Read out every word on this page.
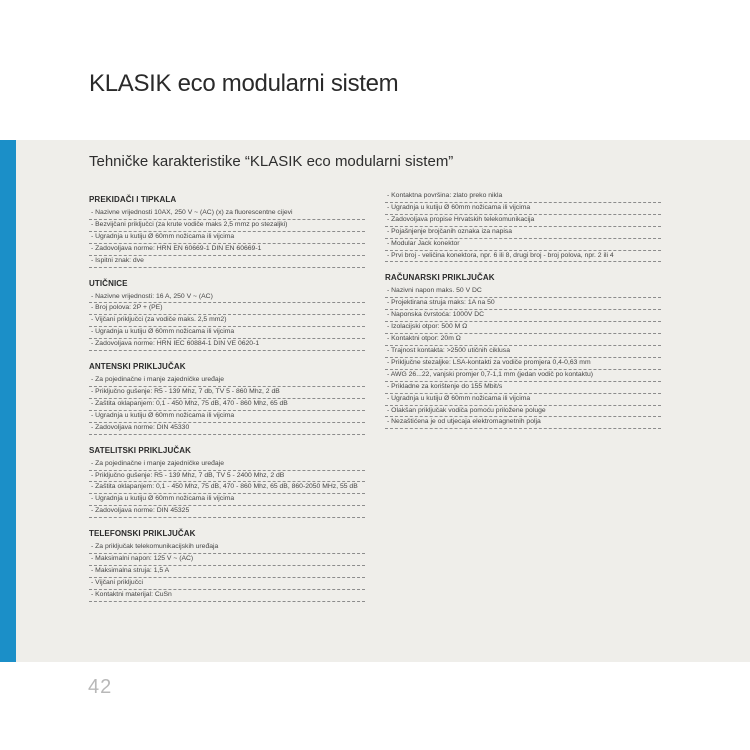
KLASIK eco modularni sistem
Tehničke karakteristike “KLASIK eco modularni sistem”
PREKIDAČI I TIPKALA
- Nazivne vrijednosti 10AX, 250 V ~ (AC) (x) za fluorescentne cijevi
- Bezvijčani priključci (za krute vodiče maks 2,5 mmz po stezaljki)
- Ugradnja u kutiju Ø 60mm nožicama ili vijcima
- Zadovoljava norme: HRN EN 60669-1 DIN EN 60669-1
- Ispitni znak: dve
UTIČNICE
- Nazivne vrijednosti: 16 A, 250 V ~ (AC)
- Broj polova: 2P + (PE)
- Vijčani priključci (za vodiče maks. 2,5 mm2)
- Ugradnja u kutiju Ø 60mm nožicama ili vijcima
- Zadovoljava norme: HRN IEC 60884-1 DIN VE 0620-1
ANTENSKI PRIKLJUČAK
- Za pojedinačne i manje zajedničke uređaje
- Priključno gušenje: R5 - 139 Mhz, 7 db, TV 5 - 860 Mhz, 2 dB
- Zaštita oklapanjem: 0,1 - 450 Mhz, 75 dB, 470 - 860 Mhz, 65 dB
- Ugradnja u kutiju Ø 60mm nožicama ili vijcima
- Zadovoljava norme: DIN 45330
SATELITSKI PRIKLJUČAK
- Za pojedinačne i manje zajedničke uređaje
- Priključno gušenje: R5 - 139 Mhz, 7 dB, TV 5 - 2400 Mhz, 2 dB
- Zaštita oklapanjem: 0,1 - 450 Mhz, 75 dB, 470 - 860 Mhz, 65 dB, 860-2050 MHz, 55 dB
- Ugradnja u kutiju Ø 60mm nožicama ili vijcima
- Zadovoljava norme: DIN 45325
TELEFONSKI PRIKLJUČAK
- Za priključak telekomunikacijskih uređaja
- Maksimalni napon: 125 V ~ (AC)
- Maksimalna struja: 1,5 A
- Vijčani priključci
- Kontaktni materijal: CuSn
- Kontaktna površina: zlato preko nikla
- Ugradnja u kutiju Ø 60mm nožicama ili vijcima
- Zadovoljava propise Hrvatskih telekomunikacija
- Pojašnjenje brojčanih oznaka iza napisa
- Modular Jack konektor
- Prvi broj - veličina konektora, npr. 6 ili 8, drugi broj - broj polova, npr. 2 ili 4
RAČUNARSKI PRIKLJUČAK
- Nazivni napon maks. 50 V DC
- Projektirana struja maks: 1A na 50
- Naponska čvrstoća: 1000V DC
- Izolacijski otpor: 500 M Ω
- Kontaktni otpor: 20m Ω
- Trajnost kontakta: >2500 utičnih ciklusa
- Priključne stezaljke: LSA-kontakti za vodiče promjera 0,4-0,63 mm
- AWG 26...22, vanjski promjer 0,7-1,1 mm (jedan vodič po kontaktu)
- Prikladne za korištenje do 155 Mbit/s
- Ugradnja u kutiju Ø 60mm nožicama ili vijcima
- Olakšan priključak vodiča pomoću priložene poluge
- Nezaštićena je od utjecaja elektromagnetnih polja
42
